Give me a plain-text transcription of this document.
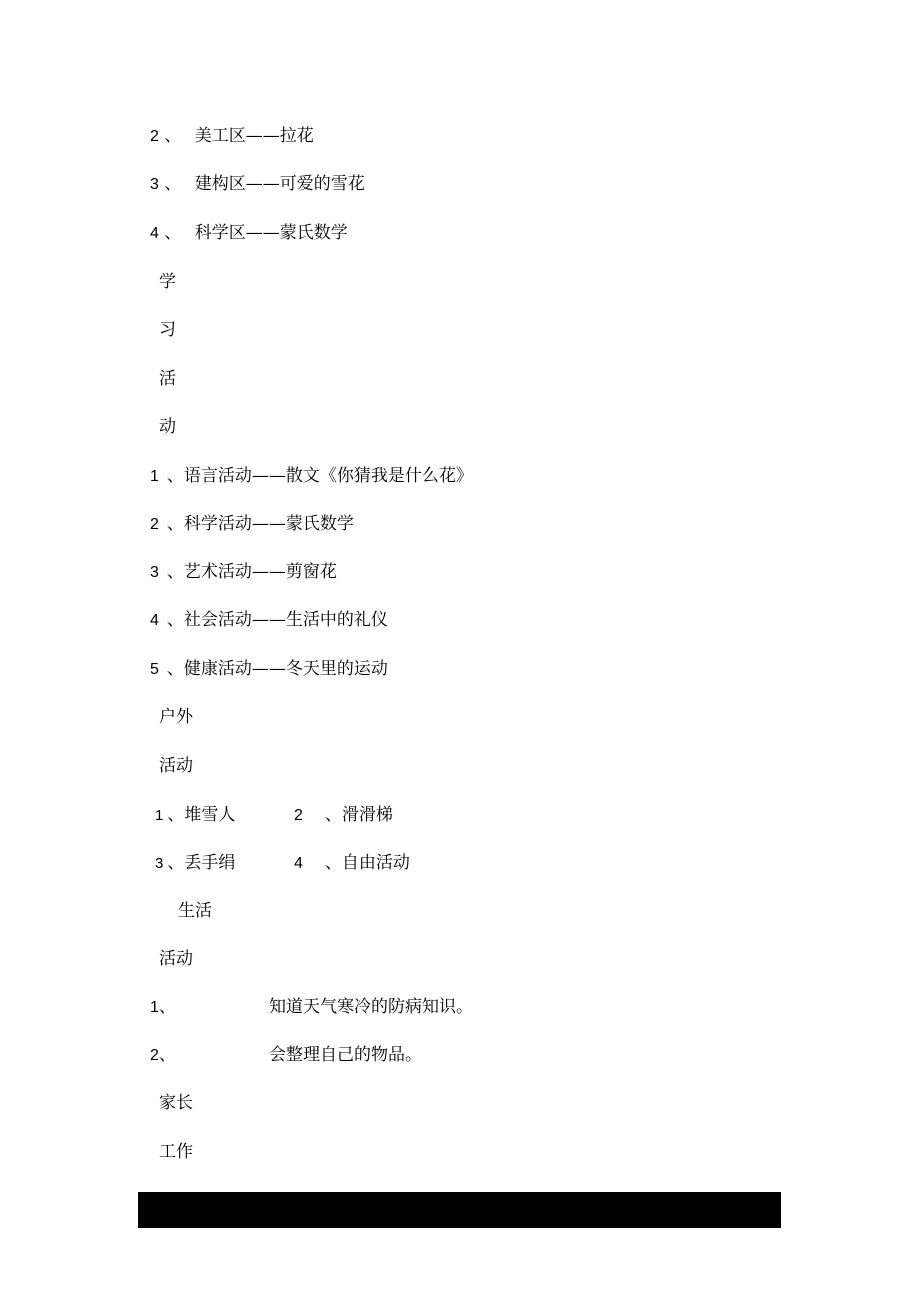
2 、 美工区——拉花
3 、 建构区——可爱的雪花
4 、 科学区——蒙氏数学
学
习
活
动
1 、语言活动——散文《你猜我是什么花》
2 、科学活动——蒙氏数学
3 、艺术活动——剪窗花
4 、社会活动——生活中的礼仪
5 、健康活动——冬天里的运动
户外
活动
1 、堆雪人	2 、滑滑梯
3 、丢手绢	4 、自由活动
生活
活动
1、	知道天气寒冷的防病知识。
2、	会整理自己的物品。
家长
工作
